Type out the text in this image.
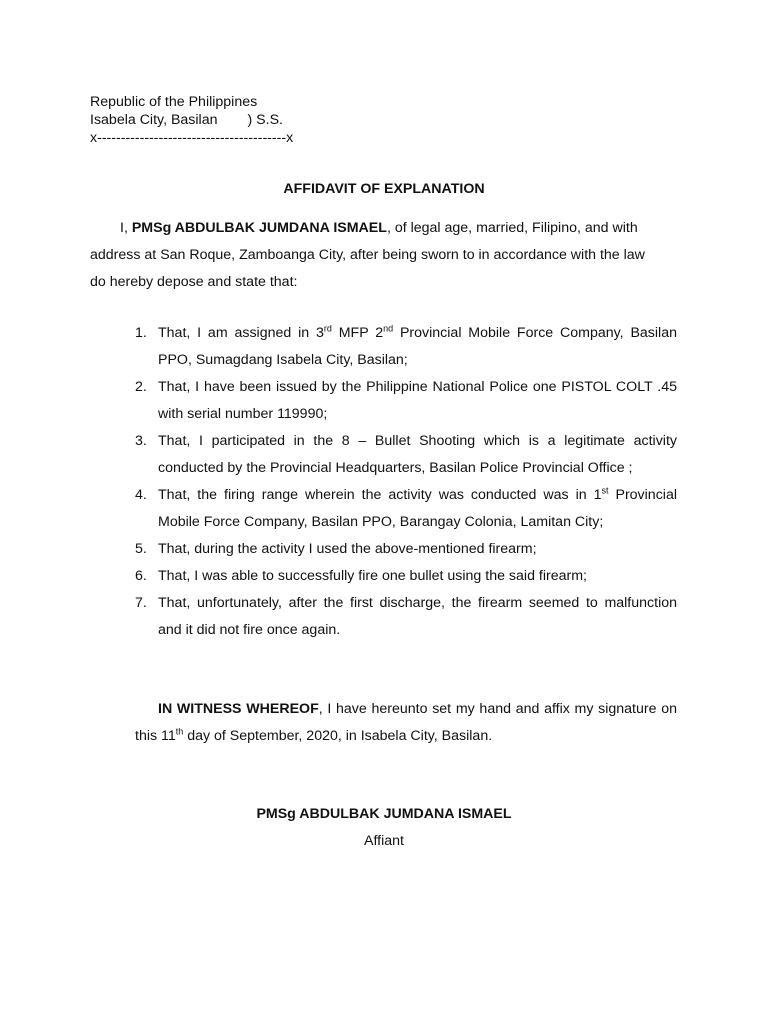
Republic of the Philippines
Isabela City, Basilan ) S.S.
x----------------------------------------x
AFFIDAVIT OF EXPLANATION
I, PMSg ABDULBAK JUMDANA ISMAEL, of legal age, married, Filipino, and with address at San Roque, Zamboanga City, after being sworn to in accordance with the law do hereby depose and state that:
1. That, I am assigned in 3rd MFP 2nd Provincial Mobile Force Company, Basilan PPO, Sumagdang Isabela City, Basilan;
2. That, I have been issued by the Philippine National Police one PISTOL COLT .45 with serial number 119990;
3. That, I participated in the 8 – Bullet Shooting which is a legitimate activity conducted by the Provincial Headquarters, Basilan Police Provincial Office ;
4. That, the firing range wherein the activity was conducted was in 1st Provincial Mobile Force Company, Basilan PPO, Barangay Colonia, Lamitan City;
5. That, during the activity I used the above-mentioned firearm;
6. That, I was able to successfully fire one bullet using the said firearm;
7. That, unfortunately, after the first discharge, the firearm seemed to malfunction and it did not fire once again.
IN WITNESS WHEREOF, I have hereunto set my hand and affix my signature on this 11th day of September, 2020, in Isabela City, Basilan.
PMSg ABDULBAK JUMDANA ISMAEL
Affiant
